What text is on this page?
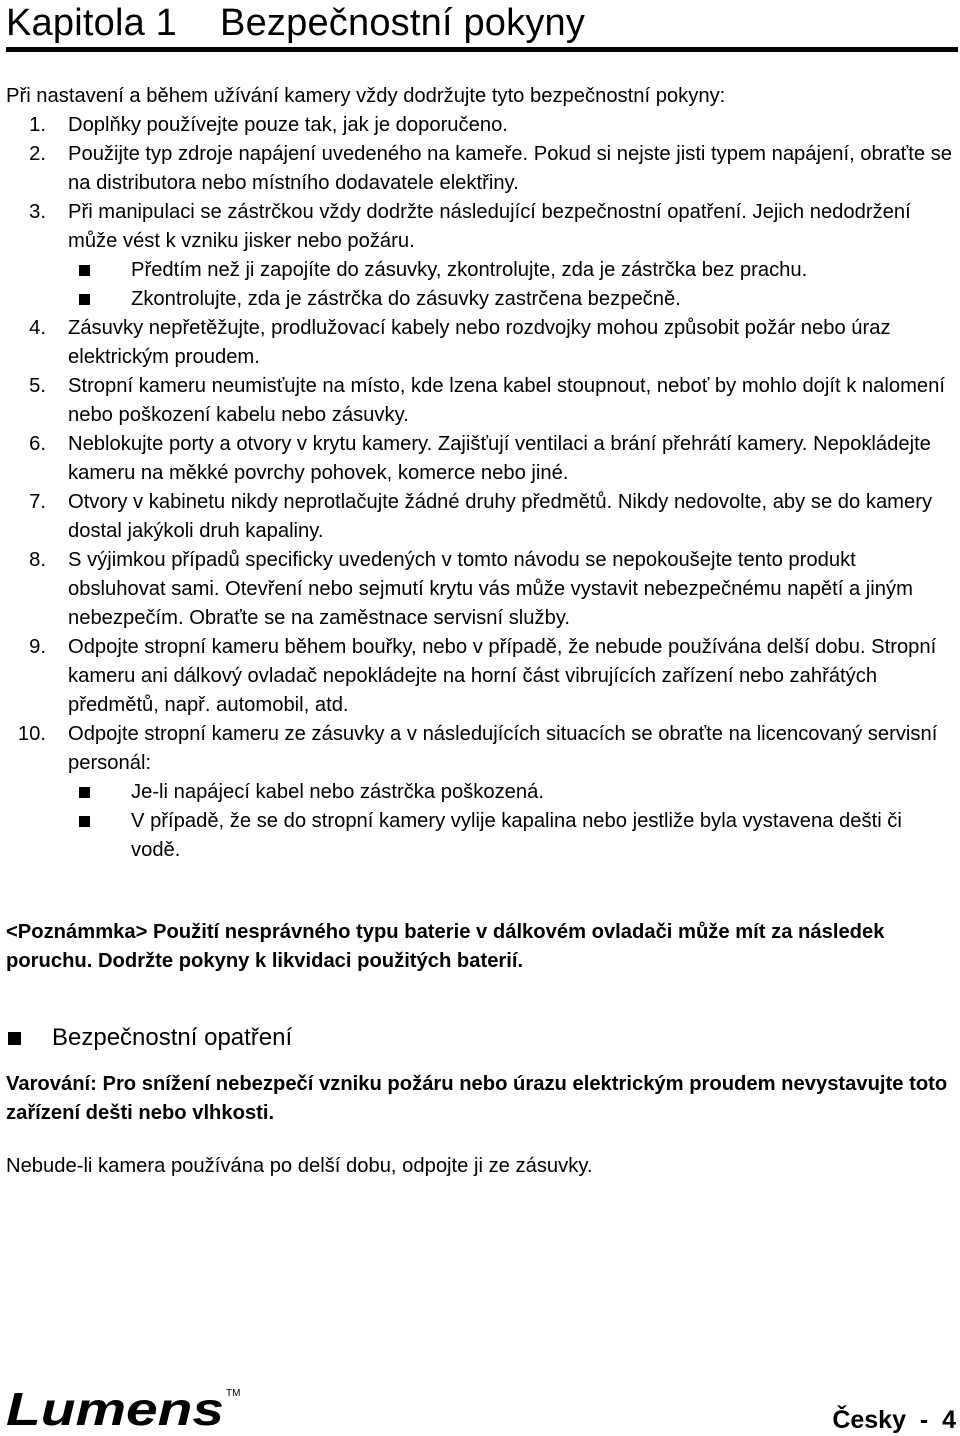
Kapitola 1    Bezpečnostní pokyny

Při nastavení a během užívání kamery vždy dodržujte tyto bezpečnostní pokyny:

1. Doplňky používejte pouze tak, jak je doporučeno.
2. Použijte typ zdroje napájení uvedeného na kameře. Pokud si nejste jisti typem napájení, obraťte se na distributora nebo místního dodavatele elektřiny.
3. Při manipulaci se zástrčkou vždy dodržte následující bezpečnostní opatření. Jejich nedodržení může vést k vzniku jisker nebo požáru.
Předtím než ji zapojíte do zásuvky, zkontrolujte, zda je zástrčka bez prachu.
Zkontrolujte, zda je zástrčka do zásuvky zastrčena bezpečně.
4. Zásuvky nepřetěžujte, prodlužovací kabely nebo rozdvojky mohou způsobit požár nebo úraz elektrickým proudem.
5. Stropní kameru neumisťujte na místo, kde lzena kabel stoupnout, neboť by mohlo dojít k nalomení nebo poškození kabelu nebo zásuvky.
6. Neblokujte porty a otvory v krytu kamery. Zajišťují ventilaci a brání přehrátí kamery. Nepokládejte kameru na měkké povrchy pohovek, komerce nebo jiné.
7. Otvory v kabinetu nikdy neprotlačujte žádné druhy předmětů. Nikdy nedovolte, aby se do kamery dostal jakýkoli druh kapaliny.
8. S výjimkou případů specificky uvedených v tomto návodu se nepokoušejte tento produkt obsluhovat sami. Otevření nebo sejmutí krytu vás může vystavit nebezpečnému napětí a jiným nebezpečím. Obraťte se na zaměstnace servisní služby.
9. Odpojte stropní kameru během bouřky, nebo v případě, že nebude používána delší dobu. Stropní kameru ani dálkový ovladač nepokládejte na horní část vibrujících zařízení nebo zahřátých předmětů, např. automobil, atd.
10. Odpojte stropní kameru ze zásuvky a v následujících situacích se obraťte na licencovaný servisní personál:
Je-li napájecí kabel nebo zástrčka poškozená.
V případě, že se do stropní kamery vylije kapalina nebo jestliže byla vystavena dešti či vodě.

<Poznámmka> Použití nesprávného typu baterie v dálkovém ovladači může mít za následek poruchu. Dodržte pokyny k likvidaci použitých baterií.

Bezpečnostní opatření

Varování: Pro snížení nebezpečí vzniku požáru nebo úrazu elektrickým proudem nevystavujte toto zařízení dešti nebo vlhkosti.

Nebude-li kamera používána po delší dobu, odpojte ji ze zásuvky.

Lumens TM
Česky  -  4
